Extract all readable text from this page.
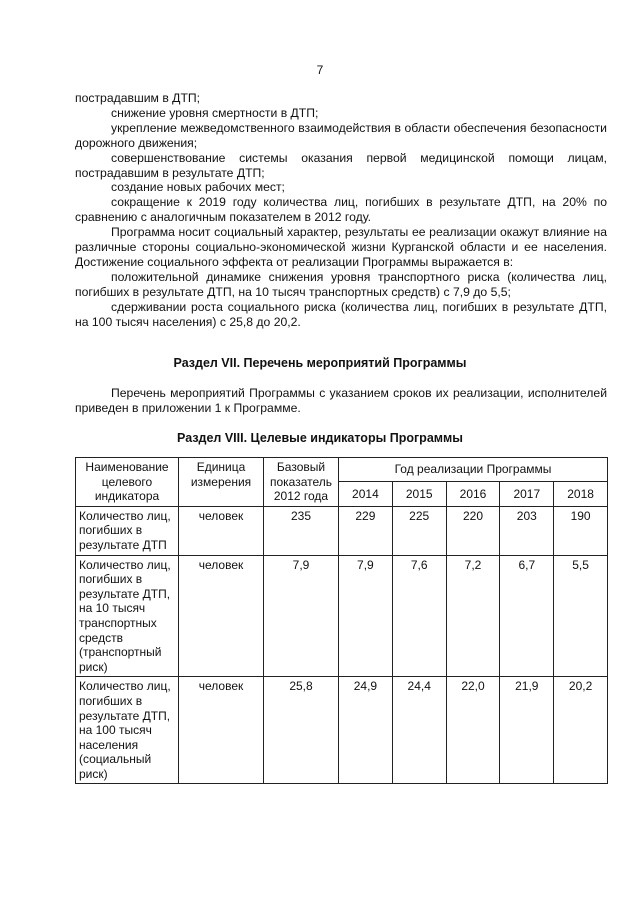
7

пострадавшим в ДТП;

снижение уровня смертности в ДТП;

укрепление межведомственного взаимодействия в области обеспечения безопасности дорожного движения;

совершенствование системы оказания первой медицинской помощи лицам, пострадавшим в результате ДТП;

создание новых рабочих мест;

сокращение к 2019 году количества лиц, погибших в результате ДТП, на 20% по сравнению с аналогичным показателем в 2012 году.

Программа носит социальный характер, результаты ее реализации окажут влияние на различные стороны социально-экономической жизни Курганской области и ее населения. Достижение социального эффекта от реализации Программы выражается в:

положительной динамике снижения уровня транспортного риска (количества лиц, погибших в результате ДТП, на 10 тысяч транспортных средств) с 7,9 до 5,5;

сдерживании роста социального риска (количества лиц, погибших в результате ДТП, на 100 тысяч населения) с 25,8 до 20,2.

Раздел VII. Перечень мероприятий Программы

Перечень мероприятий Программы с указанием сроков их реализации, исполнителей приведен в приложении 1 к Программе.

Раздел VIII. Целевые индикаторы Программы
Наименование целевого индикатора	Единица измерения	Базовый показатель 2012 года	Год реализации Программы				
			2014	2015	2016	2017	2018
Количество лиц, погибших в результате ДТП	человек	235	229	225	220	203	190
Количество лиц, погибших в результате ДТП, на 10 тысяч транспортных средств (транспортный риск)	человек	7,9	7,9	7,6	7,2	6,7	5,5
Количество лиц, погибших в результате ДТП, на 100 тысяч населения (социальный риск)	человек	25,8	24,9	24,4	22,0	21,9	20,2
